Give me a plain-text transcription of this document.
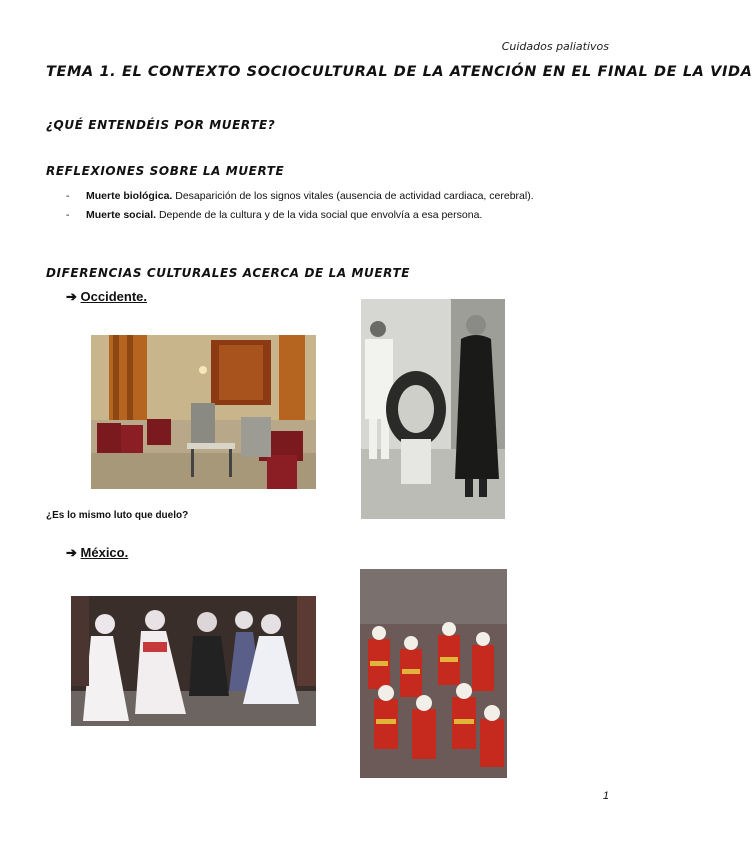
Cuidados paliativos
TEMA 1. EL CONTEXTO SOCIOCULTURAL DE LA ATENCIÓN EN EL FINAL DE LA VIDA
¿QUÉ ENTENDÉIS POR MUERTE?
REFLEXIONES SOBRE LA MUERTE
- Muerte biológica. Desaparición de los signos vitales (ausencia de actividad cardiaca, cerebral).
- Muerte social. Depende de la cultura y de la vida social que envolvía a esa persona.
DIFERENCIAS CULTURALES ACERCA DE LA MUERTE
➔ Occidente.
¿Es lo mismo luto que duelo?
➔ México.
1
